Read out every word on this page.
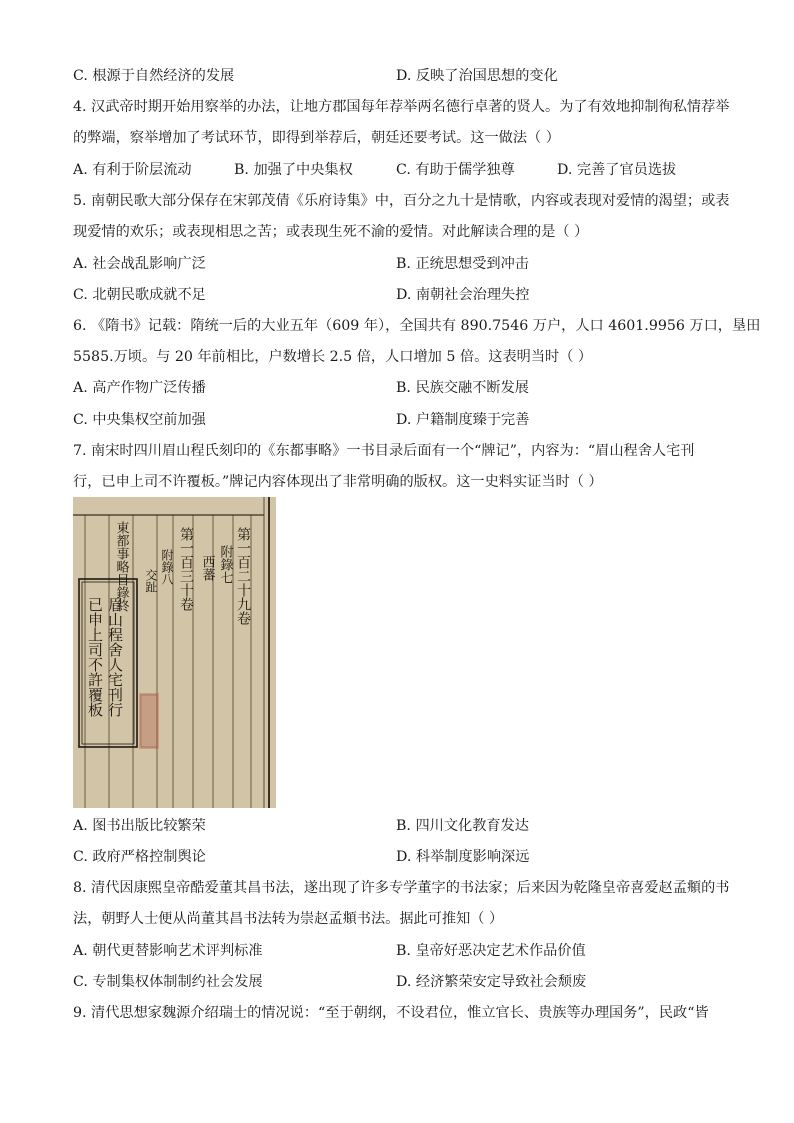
C. 根源于自然经济的发展	D. 反映了治国思想的变化
4. 汉武帝时期开始用察举的办法，让地方郡国每年荐举两名德行卓著的贤人。为了有效地抑制徇私情荐举
的弊端，察举增加了考试环节，即得到举荐后，朝廷还要考试。这一做法（ ）
A. 有利于阶层流动	B. 加强了中央集权	C. 有助于儒学独尊	D. 完善了官员选拔
5. 南朝民歌大部分保存在宋郭茂倩《乐府诗集》中，百分之九十是情歌，内容或表现对爱情的渴望；或表
现爱情的欢乐；或表现相思之苦；或表现生死不渝的爱情。对此解读合理的是（ ）
A. 社会战乱影响广泛	B. 正统思想受到冲击
C. 北朝民歌成就不足	D. 南朝社会治理失控
6. 《隋书》记载：隋统一后的大业五年（609 年），全国共有 890.7546 万户，人口 4601.9956 万口，垦田
5585.万顷。与 20 年前相比，户数增长 2.5 倍，人口增加 5 倍。这表明当时（ ）
A. 高产作物广泛传播	B. 民族交融不断发展
C. 中央集权空前加强	D. 户籍制度臻于完善
7. 南宋时四川眉山程氏刻印的《东都事略》一书目录后面有一个“牌记”，内容为：“眉山程舍人宅刊
行，已申上司不许覆板。”牌记内容体现出了非常明确的版权。这一史料实证当时（ ）
第一百二十九卷
附錄七
西蕃
第一百三十卷
附錄八
交趾
東都事略目錄終
眉山程舍人宅刊行
已申上司不許覆板
A. 图书出版比较繁荣	B. 四川文化教育发达
C. 政府严格控制舆论	D. 科举制度影响深远
8. 清代因康熙皇帝酷爱董其昌书法，遂出现了许多专学董字的书法家；后来因为乾隆皇帝喜爱赵孟頫的书
法，朝野人士便从尚董其昌书法转为崇赵孟頫书法。据此可推知（ ）
A. 朝代更替影响艺术评判标准	B. 皇帝好恶决定艺术作品价值
C. 专制集权体制制约社会发展	D. 经济繁荣安定导致社会颓废
9. 清代思想家魏源介绍瑞士的情况说：“至于朝纲，不设君位，惟立官长、贵族等办理国务”，民政“皆
